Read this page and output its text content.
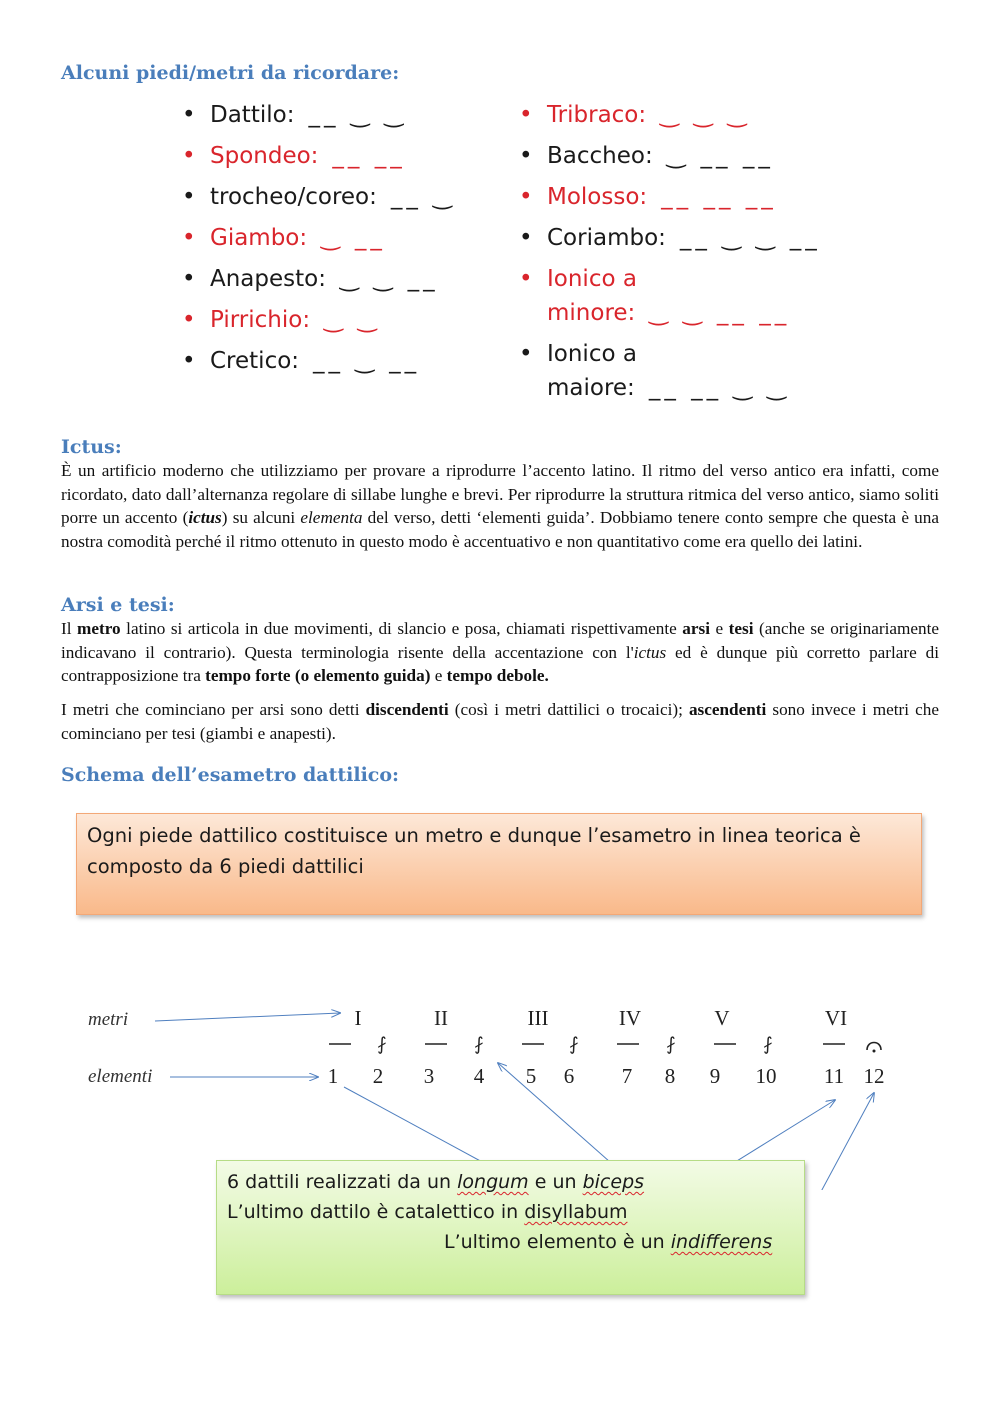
Alcuni piedi/metri da ricordare:
• Dattilo: __ ‿ ‿
• Spondeo: __ __
• trocheo/coreo: __ ‿
• Giambo: ‿ __
• Anapesto: ‿ ‿ __
• Pirrichio: ‿ ‿
• Cretico: __ ‿ __
• Tribraco: ‿ ‿ ‿
• Baccheo: ‿ __ __
• Molosso: __ __ __
• Coriambo: __ ‿ ‿ __
• Ionico a
minore: ‿ ‿ __ __
• Ionico a
maiore: __ __ ‿ ‿
Ictus:
È un artificio moderno che utilizziamo per provare a riprodurre l’accento latino. Il ritmo del verso antico era infatti, come ricordato, dato dall’alternanza regolare di sillabe lunghe e brevi. Per riprodurre la struttura ritmica del verso antico, siamo soliti porre un accento (ictus) su alcuni elementa del verso, detti ‘elementi guida’. Dobbiamo tenere conto sempre che questa è una nostra comodità perché il ritmo ottenuto in questo modo è accentuativo e non quantitativo come era quello dei latini.
Arsi e tesi:
Il metro latino si articola in due movimenti, di slancio e posa, chiamati rispettivamente arsi e tesi (anche se originariamente indicavano il contrario). Questa terminologia risente della accentazione con l'ictus ed è dunque più corretto parlare di contrapposizione tra tempo forte (o elemento guida) e tempo debole.
I metri che cominciano per arsi sono detti discendenti (così i metri dattilici o trocaici); ascendenti sono invece i metri che cominciano per tesi (giambi e anapesti).
Schema dell’esametro dattilico:
Ogni piede dattilico costituisce un metro e dunque l’esametro in linea teorica è composto da 6 piedi dattilici
metri
elementi
I	II	III	IV	V	VI
⨏	⨏	⨏	⨏	⨏
1 2 3 4 5 6 7 8 9 10 11 12
6 dattili realizzati da un longum e un biceps
L’ultimo dattilo è catalettico in disyllabum
L’ultimo elemento è un indifferens
